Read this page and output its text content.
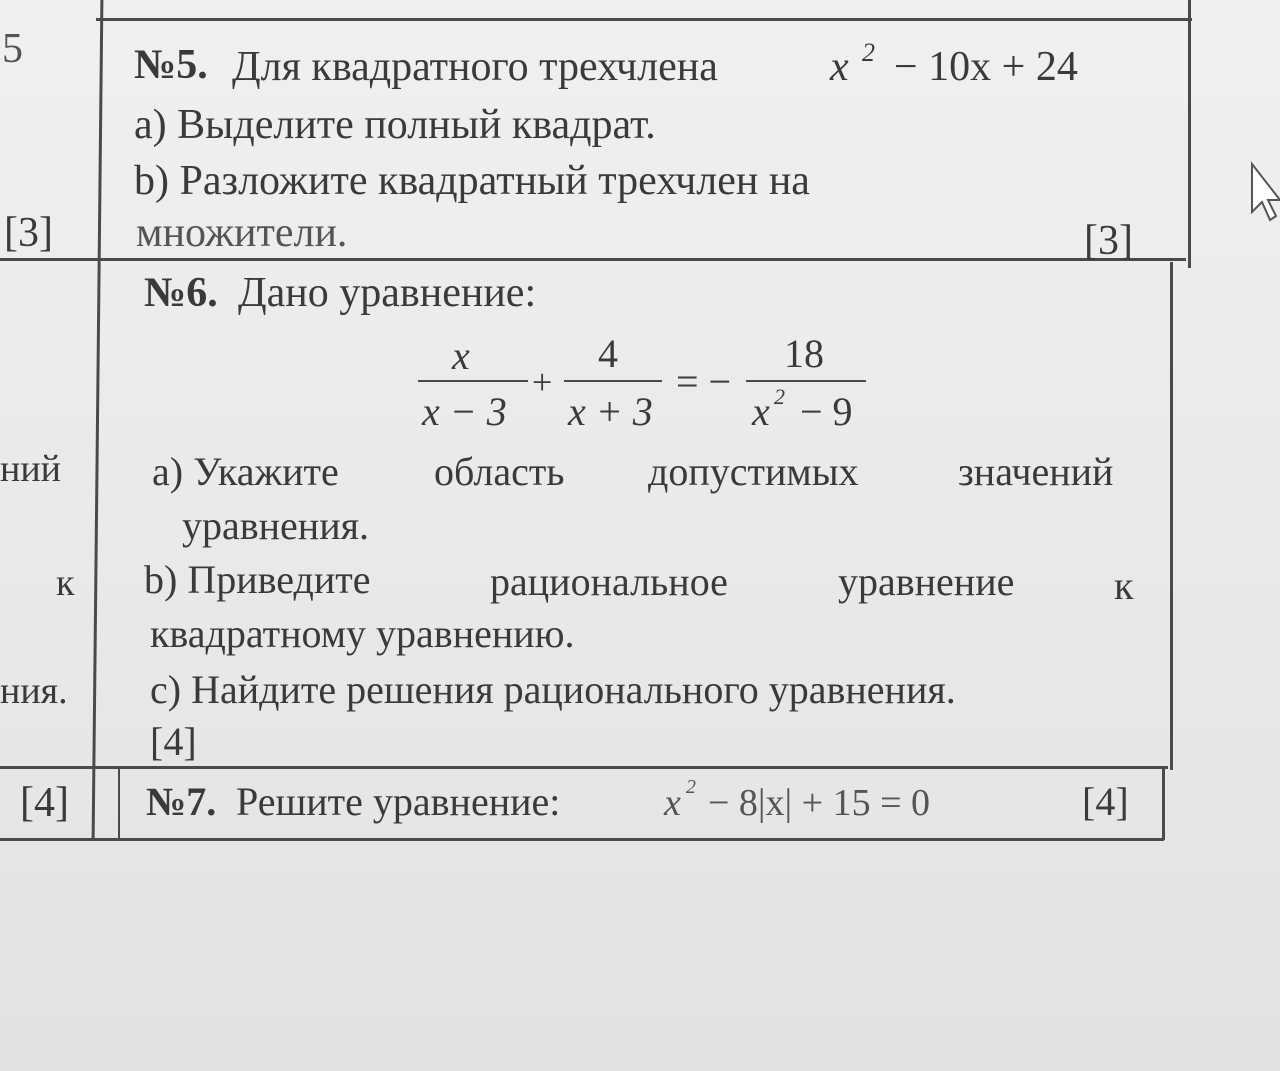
5
[3]
ний
к
ния.
[4]
№5. Для квадратного трехчлена	x 2 − 10x + 24
a) Выделите полный квадрат.
b) Разложите квадратный трехчлен на
множители.	[3]
№6. Дано уравнение:
x
x − 3
+
4
x + 3
= −
18
x 2 − 9
a) Укажите область допустимых значений
уравнения.
b) Приведите	рациональное	уравнение к
квадратному уравнению.
c) Найдите решения рационального уравнения.
[4]
№7. Решите уравнение:	x 2 − 8|x| + 15 = 0	[4]
